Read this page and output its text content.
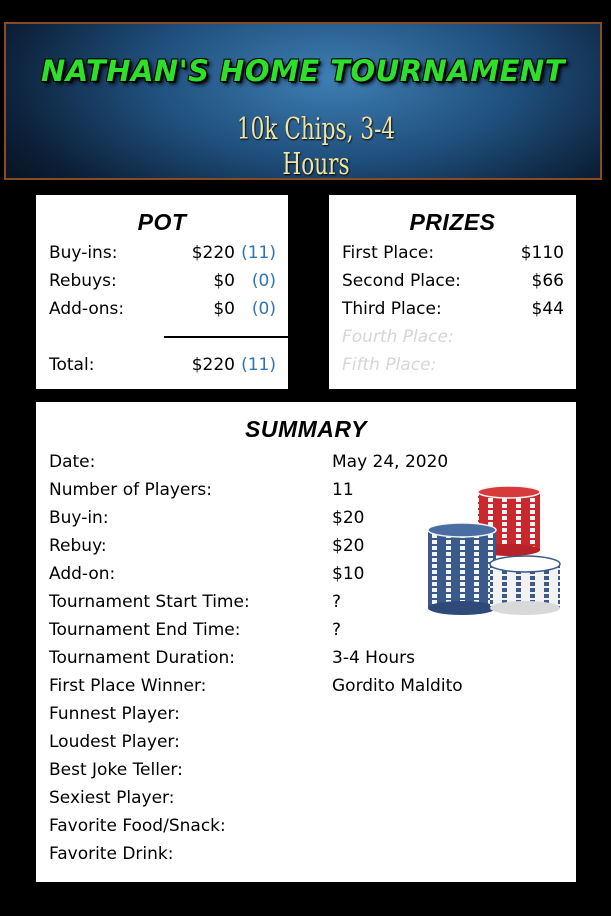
NATHAN'S HOME TOURNAMENT
10k Chips, 3-4 Hours
POT
Buy-ins:	$220 (11)
Rebuys:	$0 (0)
Add-ons:	$0 (0)
Total:	$220 (11)
PRIZES
First Place:	$110
Second Place:	$66
Third Place:	$44
Fourth Place:
Fifth Place:
SUMMARY
Date:	May 24, 2020
Number of Players:	11
Buy-in:	$20
Rebuy:	$20
Add-on:	$10
Tournament Start Time:	?
Tournament End Time:	?
Tournament Duration:	3-4 Hours
First Place Winner:	Gordito Maldito
Funnest Player:
Loudest Player:
Best Joke Teller:
Sexiest Player:
Favorite Food/Snack:
Favorite Drink:
